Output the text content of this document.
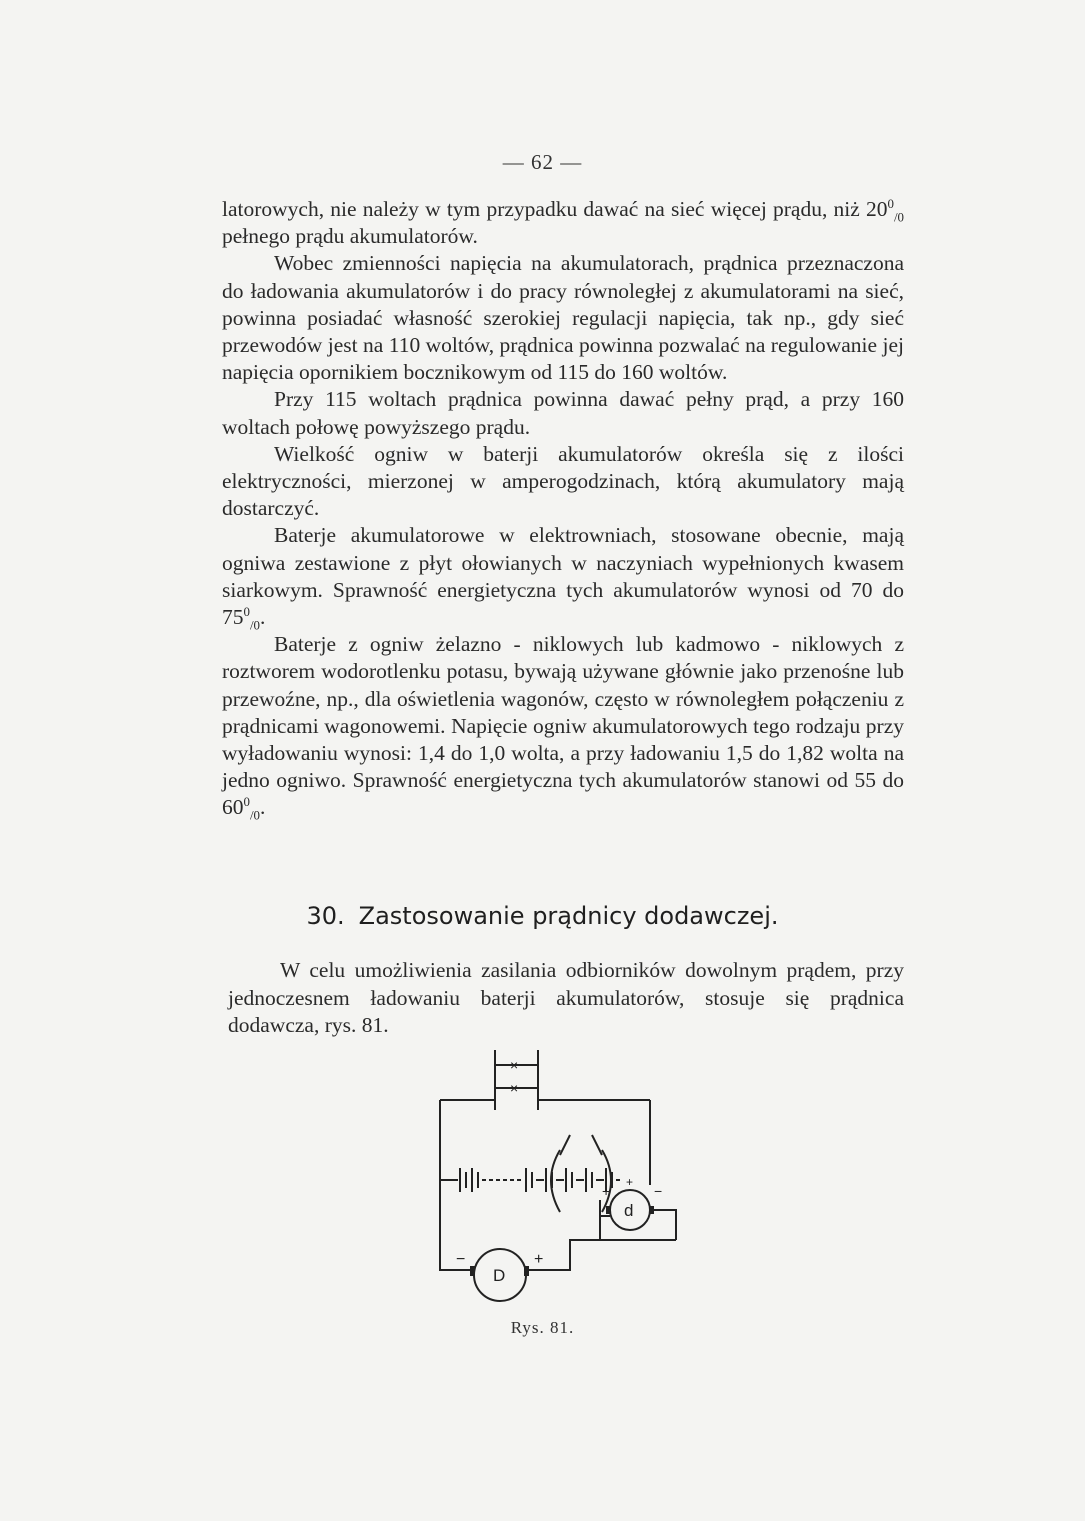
— 62 —

latorowych, nie należy w tym przypadku dawać na sieć więcej prądu, niż $20^0_{/0}$ pełnego prądu akumulatorów.

Wobec zmienności napięcia na akumulatorach, prądnica przeznaczona do ładowania akumulatorów i do pracy równoległej z akumulatorami na sieć, powinna posiadać własność szerokiej regulacji napięcia, tak np., gdy sieć przewodów jest na 110 woltów, prądnica powinna pozwalać na regulowanie jej napięcia opornikiem bocznikowym od 115 do 160 woltów.

Przy 115 woltach prądnica powinna dawać pełny prąd, a przy 160 woltach połowę powyższego prądu.

Wielkość ogniw w baterji akumulatorów określa się z ilości elektryczności, mierzonej w amperogodzinach, którą akumulatory mają dostarczyć.

Baterje akumulatorowe w elektrowniach, stosowane obecnie, mają ogniwa zestawione z płyt ołowianych w naczyniach wypełnionych kwasem siarkowym. Sprawność energietyczna tych akumulatorów wynosi od 70 do $75^0_{/0}$.

Baterje z ogniw żelazno - niklowych lub kadmowo - niklowych z roztworem wodorotlenku potasu, bywają używane głównie jako przenośne lub przewoźne, np., dla oświetlenia wagonów, często w równoległem połączeniu z prądnicami wagonowemi. Napięcie ogniw akumulatorowych tego rodzaju przy wyładowaniu wynosi: 1,4 do 1,0 wolta, a przy ładowaniu 1,5 do 1,82 wolta na jedno ogniwo. Sprawność energietyczna tych akumulatorów stanowi od 55 do $60^0_{/0}$.

30. Zastosowanie prądnicy dodawczej.

W celu umożliwienia zasilania odbiorników dowolnym prądem, przy jednoczesnem ładowaniu baterji akumulatorów, stosuje się prądnica dodawcza, rys. 81.

×
×
D
d
−	+
+	−
+
Rys. 81.
